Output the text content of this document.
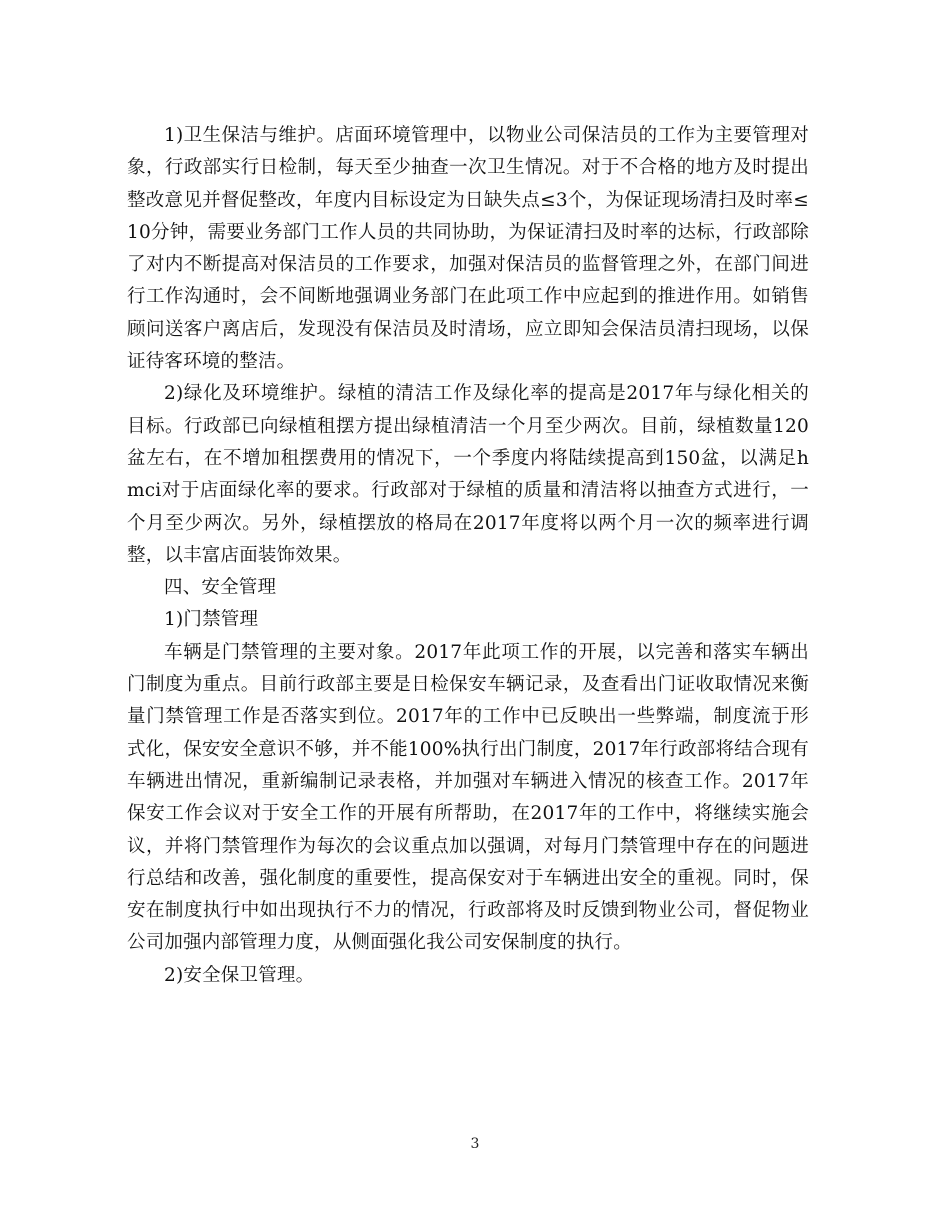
1)卫生保洁与维护。店面环境管理中，以物业公司保洁员的工作为主要管理对象，行政部实行日检制，每天至少抽查一次卫生情况。对于不合格的地方及时提出整改意见并督促整改，年度内目标设定为日缺失点≤3个，为保证现场清扫及时率≤10分钟，需要业务部门工作人员的共同协助，为保证清扫及时率的达标，行政部除了对内不断提高对保洁员的工作要求，加强对保洁员的监督管理之外，在部门间进行工作沟通时，会不间断地强调业务部门在此项工作中应起到的推进作用。如销售顾问送客户离店后，发现没有保洁员及时清场，应立即知会保洁员清扫现场，以保证待客环境的整洁。

2)绿化及环境维护。绿植的清洁工作及绿化率的提高是2017年与绿化相关的目标。行政部已向绿植租摆方提出绿植清洁一个月至少两次。目前，绿植数量120盆左右，在不增加租摆费用的情况下，一个季度内将陆续提高到150盆，以满足hmci对于店面绿化率的要求。行政部对于绿植的质量和清洁将以抽查方式进行，一个月至少两次。另外，绿植摆放的格局在2017年度将以两个月一次的频率进行调整，以丰富店面装饰效果。

四、安全管理

1)门禁管理

车辆是门禁管理的主要对象。2017年此项工作的开展，以完善和落实车辆出门制度为重点。目前行政部主要是日检保安车辆记录，及查看出门证收取情况来衡量门禁管理工作是否落实到位。2017年的工作中已反映出一些弊端，制度流于形式化，保安安全意识不够，并不能100%执行出门制度，2017年行政部将结合现有车辆进出情况，重新编制记录表格，并加强对车辆进入情况的核查工作。2017年保安工作会议对于安全工作的开展有所帮助，在2017年的工作中，将继续实施会议，并将门禁管理作为每次的会议重点加以强调，对每月门禁管理中存在的问题进行总结和改善，强化制度的重要性，提高保安对于车辆进出安全的重视。同时，保安在制度执行中如出现执行不力的情况，行政部将及时反馈到物业公司，督促物业公司加强内部管理力度，从侧面强化我公司安保制度的执行。

2)安全保卫管理。

3
